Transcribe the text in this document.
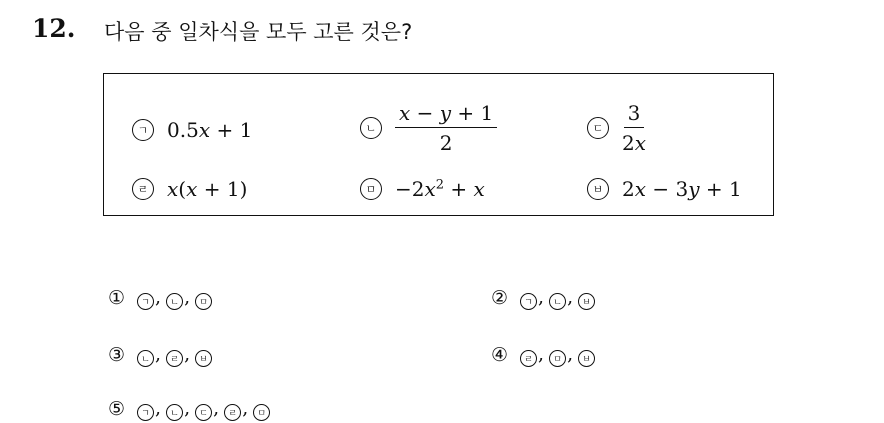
12. 다음 중 일차식을 모두 고른 것은?
ㄱ 0.5x + 1	ㄴ $\frac{x - y + 1}{2}$	ㄷ $\frac{3}{2x}$
ㄹ x(x + 1)	ㅁ $-2x^2 + x$	ㅂ 2x − 3y + 1
①	ㄱ , ㄴ , ㅁ	②	ㄱ , ㄴ , ㅂ
③	ㄴ , ㄹ , ㅂ	④	ㄹ , ㅁ , ㅂ
⑤	ㄱ , ㄴ , ㄷ , ㄹ , ㅁ
